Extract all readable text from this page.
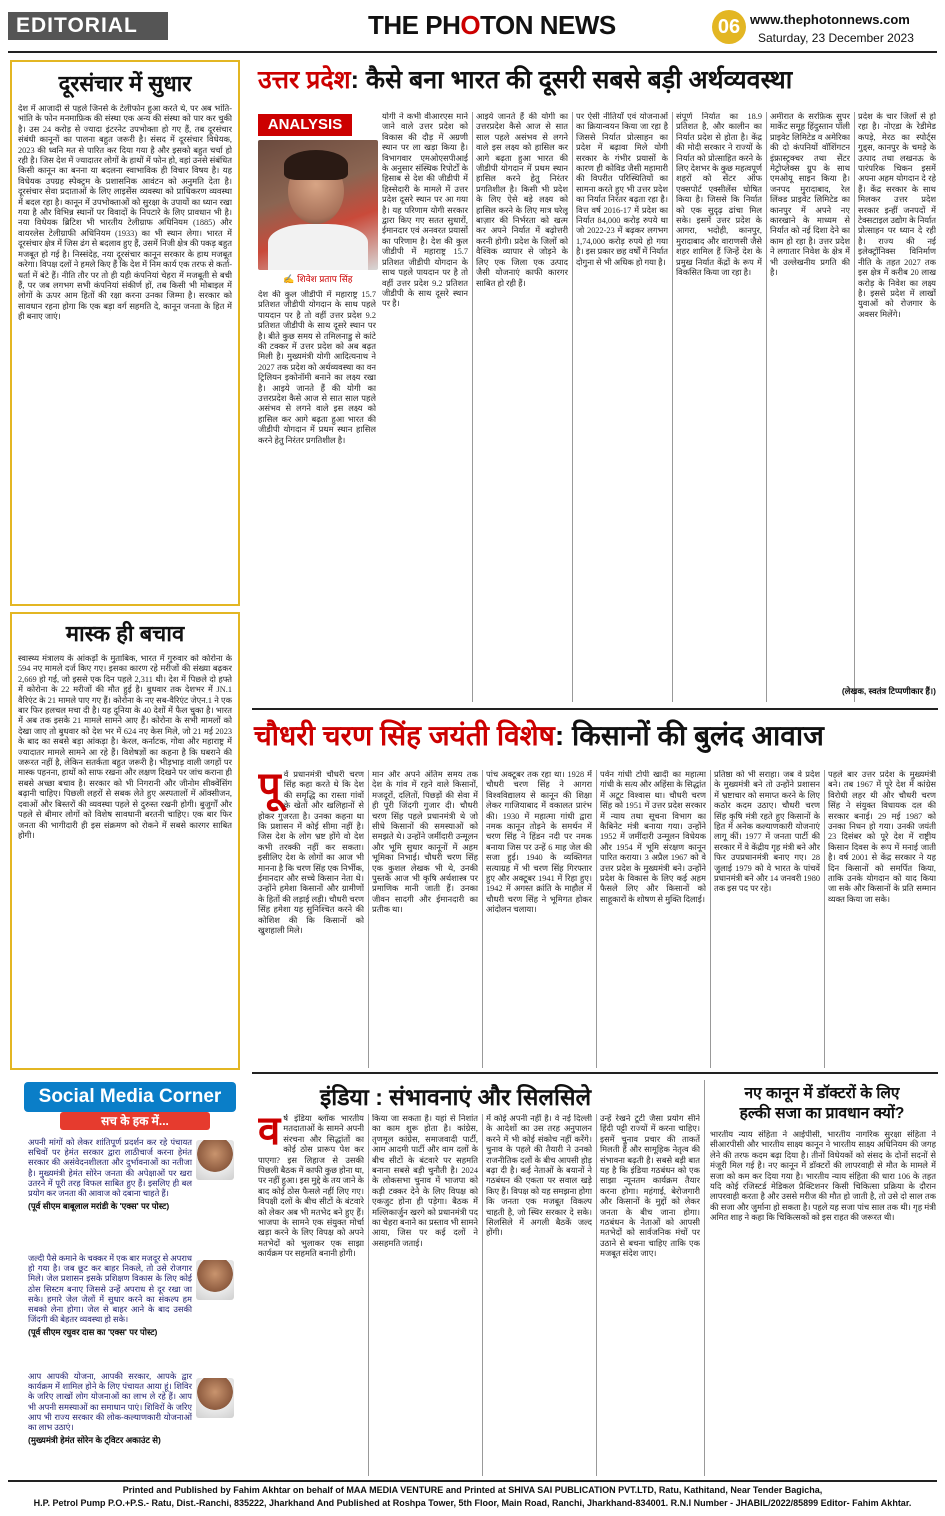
EDITORIAL	THE PHOTON NEWS	06 www.thephotonnews.com
Saturday, 23 December 2023
दूरसंचार में सुधार
देश में आजादी से पहले जिनसे के टेलीफोन हुआ करते थे, पर अब भांति-भांति के फोन मनमाफ़िक की संस्था एक अन्य की संस्था को पार कर चुकी है। उस 24 करोड़ से ज्यादा इंटरनेट उपभोक्ता हो गए हैं, तब दूरसंचार संबंधी कानूनों का पालना बहुत जरूरी है। संसद में दूरसंचार विधेयक, 2023 की ध्वनि मत से पारित कर दिया गया है और इसको बहुत चर्चा हो रही है। जिस देश में ज्यादातर लोगों के हाथों में फोन हो, वहां उनसे संबंधित किसी कानून का बनना या बदलना स्वाभाविक ही विचार विषय है। यह विधेयक उपग्रह स्पेक्ट्रम के प्रशासनिक आवंटन को अनुमति देता है। दूरसंचार सेवा प्रदाताओं के लिए लाइसेंस व्यवस्था को प्राधिकरण व्यवस्था में बदल रहा है। कानून में उपभोक्ताओं को सुरक्षा के उपायों का ध्यान रखा गया है और विभिन्न स्थानों पर विवादों के निपटारे के लिए प्रावधान भी है। नया विधेयक ब्रिटिश भी भारतीय टेलीग्राफ अधिनियम (1885) और वायरलेस टेलीग्राफी अधिनियम (1933) का भी स्थान लेगा। भारत में दूरसंचार क्षेत्र में जिस ढंग से बदलाव हुए हैं, उसमें निजी क्षेत्र की पकड़ बहुत मजबूत हो गई है। निस्संदेह, नया दूरसंचार कानून सरकार के हाथ मजबूत करेगा। विपक्ष दलों ने हमले किए हैं कि देश में निम कार्य एक तरफ से कर्ता-धर्ता में बंटे हैं। नीति तौर पर तो ही यही कंपनियां चेहरा में मजबूती से बची हैं, पर जब लगभग सभी कंपनियां संकीर्ण हों, तब किसी भी मोबाइल में लोगों के ऊपर आम हितों की रक्षा करना उनका जिम्मा है। सरकार को सावधान रहना होगा कि एक बड़ा वर्ग सहमति दे, कानून जनता के हित में ही बनाए जाएं।
मास्क ही बचाव
स्वास्थ्य मंत्रालय के आंकड़ों के मुताबिक, भारत में गुरुवार को कोरोना के 594 नए मामले दर्ज किए गए। इसका कारण रहे मरीजों की संख्या बढ़कर 2,669 हो गई, जो इससे एक दिन पहले 2,311 थी। देश में पिछले दो हफ्ते में कोरोना के 22 मरीजों की मौत हुई है। बुधवार तक देशभर में JN.1 वैरिएंट के 21 मामले पाए गए हैं। कोरोना के नए सब-वैरिएंट जेएन.1 ने एक बार फिर हलचल मचा दी है। यह दुनिया के 40 देशों में फैल चुका है। भारत में अब तक इसके 21 मामले सामने आए हैं। कोरोना के सभी मामलों को देखा जाए तो बुधवार को देश भर में 624 नए केस मिले, जो 21 मई 2023 के बाद का सबसे बड़ा आंकड़ा है। केरल, कर्नाटक, गोवा और महाराष्ट्र में ज्यादातर मामले सामने आ रहे हैं। विशेषज्ञों का कहना है कि घबराने की जरूरत नहीं है, लेकिन सतर्कता बहुत जरूरी है। भीड़भाड़ वाली जगहों पर मास्क पहनना, हाथों को साफ रखना और लक्षण दिखने पर जांच कराना ही सबसे अच्छा बचाव है। सरकार को भी निगरानी और जीनोम सीक्वेंसिंग बढ़ानी चाहिए। पिछली लहरों से सबक लेते हुए अस्पतालों में ऑक्सीजन, दवाओं और बिस्तरों की व्यवस्था पहले से दुरुस्त रखनी होगी। बुजुर्गों और पहले से बीमार लोगों को विशेष सावधानी बरतनी चाहिए। एक बार फिर जनता की भागीदारी ही इस संक्रमण को रोकने में सबसे कारगर साबित होगी।
उत्तर प्रदेश: कैसे बना भारत की दूसरी सबसे बड़ी अर्थव्यवस्था
ANALYSIS
✍ शिवेश प्रताप सिंह
योगी ने कभी वीआरएस माने जाने वाले उत्तर प्रदेश को विकास की दौड़ में अग्रणी स्थान पर ला खड़ा किया है। विभागवार एमओएसपीआई के अनुसार संस्थिक रिपोर्टों के हिसाब से देश की जीडीपी में हिस्सेदारी के मामले में उत्तर प्रदेश दूसरे स्थान पर आ गया है। यह परिणाम योगी सरकार द्वारा किए गए सतत सुधारों, ईमानदार एवं अनवरत प्रयासों का परिणाम है। देश की कुल जीडीपी में महाराष्ट्र 15.7 प्रतिशत जीडीपी योगदान के साथ पहले पायदान पर है तो वहीं उत्तर प्रदेश 9.2 प्रतिशत जीडीपी के साथ दूसरे स्थान पर है।
देश की कुल जीडीपी में महाराष्ट्र 15.7 प्रतिशत जीडीपी योगदान के साथ पहले पायदान पर है तो वहीं उत्तर प्रदेश 9.2 प्रतिशत जीडीपी के साथ दूसरे स्थान पर है। बीते कुछ समय से तमिलनाडु से कांटे की टक्कर में उत्तर प्रदेश को अब बढ़त मिली है। मुख्यमंत्री योगी आदित्यनाथ ने 2027 तक प्रदेश को अर्थव्यवस्था का वन ट्रिलियन इकोनॉमी बनाने का लक्ष्य रखा है। आइये जानते हैं की योगी का उत्तरप्रदेश कैसे आज से सात साल पहले असंभव से लगने वाले इस लक्ष्य को हासिल कर आगे बढ़ता हुआ भारत की जीडीपी योगदान में प्रथम स्थान हासिल करने हेतु निरंतर प्रगतिशील है।
आइये जानते हैं की योगी का उत्तरप्रदेश कैसे आज से सात साल पहले असंभव से लगने वाले इस लक्ष्य को हासिल कर आगे बढ़ता हुआ भारत की जीडीपी योगदान में प्रथम स्थान हासिल करने हेतु निरंतर प्रगतिशील है। किसी भी प्रदेश के लिए ऐसे बड़े लक्ष्य को हासिल करने के लिए मात्र घरेलू बाज़ार की निर्भरता को खत्म कर अपने निर्यात में बढ़ोत्तरी करनी होगी। प्रदेश के जिलों को वैश्विक व्यापार से जोड़ने के लिए एक जिला एक उत्पाद जैसी योजनाएं काफी कारगर साबित हो रही हैं।
पर ऐसी नीतियाँ एवं योजनाओं का क्रियान्वयन किया जा रहा है जिससे निर्यात प्रोत्साहन का प्रदेश में बढ़ावा मिले योगी सरकार के गंभीर प्रयासों के कारण ही कोविड जैसी महामारी की विपरीत परिस्थितियों का सामना करते हुए भी उत्तर प्रदेश का निर्यात निरंतर बढ़ता रहा है। वित्त वर्ष 2016-17 में प्रदेश का निर्यात 84,000 करोड़ रुपये था जो 2022-23 में बढ़कर लगभग 1,74,000 करोड़ रुपये हो गया है। इस प्रकार छह वर्षों में निर्यात दोगुना से भी अधिक हो गया है।
संपूर्ण निर्यात का 18.9 प्रतिशत है, और कालीन का निर्यात प्रदेश से होता है। केंद्र की मोदी सरकार ने राज्यों के निर्यात को प्रोत्साहित करने के लिए देशभर के कुछ महत्वपूर्ण शहरों को सेंटर ऑफ एक्सपोर्ट एक्सीलेंस घोषित किया है। जिससे कि निर्यात को एक सुदृढ़ ढांचा मिल सके। इसमें उत्तर प्रदेश के आगरा, भदोही, कानपुर, मुरादाबाद और वाराणसी जैसे शहर शामिल हैं जिन्हें देश के प्रमुख निर्यात केंद्रों के रूप में विकसित किया जा रहा है।
अमीरात के सरफ़िक सुपर मार्केट समूह हिंदुस्तान पॉली प्राइवेट लिमिटेड व अमेरिका की दो कंपनियों वॉशिंगटन इंफ्रास्ट्रक्चर तथा सेंटर मेट्रोप्लेक्स ग्रुप के साथ एमओयू साइन किया है। जनपद मुरादाबाद, रेल लिंक्ड प्राइवेट लिमिटेड का कानपुर में अपने नए कारखाने के माध्यम से निर्यात को नई दिशा देने का काम हो रहा है। उत्तर प्रदेश ने लगातार निवेश के क्षेत्र में भी उल्लेखनीय प्रगति की है।
प्रदेश के चार जिलों से हो रहा है। नोएडा के रेडीमेड कपड़े, मेरठ का स्पोर्ट्स गुड्स, कानपुर के चमड़े के उत्पाद तथा लखनऊ के पारंपरिक चिकन इसमें अपना अहम योगदान दे रहे हैं। केंद्र सरकार के साथ मिलकर उत्तर प्रदेश सरकार इन्हीं जनपदों में टेक्सटाइल उद्योग के निर्यात प्रोत्साहन पर ध्यान दे रही है। राज्य की नई इलेक्ट्रॉनिक्स विनिर्माण नीति के तहत 2027 तक इस क्षेत्र में करीब 20 लाख करोड़ के निवेश का लक्ष्य है। इससे प्रदेश में लाखों युवाओं को रोजगार के अवसर मिलेंगे।
(लेखक, स्वतंत्र टिप्पणीकार हैं।)
चौधरी चरण सिंह जयंती विशेष: किसानों की बुलंद आवाज
पूर्व प्रधानमंत्री चौधरी चरण सिंह कहा करते थे कि देश की समृद्धि का रास्ता गांवों के खेतों और खलिहानों से होकर गुजरता है। उनका कहना था कि प्रशासन में कोई सीमा नहीं है। जिस देश के लोग भ्रष्ट होंगे वो देश कभी तरक्की नहीं कर सकता। इसीलिए देश के लोगों का आज भी मानना है कि चरण सिंह एक निर्भीक, ईमानदार और सच्चे किसान नेता थे। उन्होंने हमेशा किसानों और ग्रामीणों के हितों की लड़ाई लड़ी। चौधरी चरण सिंह हमेशा यह सुनिश्चित करने की कोशिश की कि किसानों को खुशहाली मिले।
मान और अपने अंतिम समय तक देश के गांव में रहने वाले किसानों, मजदूरों, दलितों, पिछड़ों की सेवा में ही पूरी जिंदगी गुजार दी। चौधरी चरण सिंह पहले प्रधानमंत्री थे जो सीधे किसानों की समस्याओं को समझते थे। उन्होंने जमींदारी उन्मूलन और भूमि सुधार कानूनों में अहम भूमिका निभाई। चौधरी चरण सिंह एक कुशल लेखक भी थे, उनकी पुस्तकें आज भी कृषि अर्थशास्त्र पर प्रमाणिक मानी जाती हैं। उनका जीवन सादगी और ईमानदारी का प्रतीक था।
पांच अक्टूबर तक रहा था। 1928 में चौधरी चरण सिंह ने आगरा विश्वविद्यालय से कानून की शिक्षा लेकर गाजियाबाद में वकालत प्रारंभ की। 1930 में महात्मा गांधी द्वारा नमक कानून तोड़ने के समर्थन में चरण सिंह ने हिंडन नदी पर नमक बनाया जिस पर उन्हें 6 माह जेल की सजा हुई। 1940 के व्यक्तिगत सत्याग्रह में भी चरण सिंह गिरफ्तार हुए और अक्टूबर 1941 में रिहा हुए। 1942 में अगस्त क्रांति के माहौल में चौधरी चरण सिंह ने भूमिगत होकर आंदोलन चलाया।
पर्वन गांधी टोपी खादी का महात्मा गांधी के सत्य और अहिंसा के सिद्धांत में अटूट विश्वास था। चौधरी चरण सिंह को 1951 में उत्तर प्रदेश सरकार में न्याय तथा सूचना विभाग का कैबिनेट मंत्री बनाया गया। उन्होंने 1952 में जमींदारी उन्मूलन विधेयक और 1954 में भूमि संरक्षण कानून पारित कराया। 3 अप्रैल 1967 को वे उत्तर प्रदेश के मुख्यमंत्री बने। उन्होंने प्रदेश के विकास के लिए कई अहम फैसले लिए और किसानों को साहूकारों के शोषण से मुक्ति दिलाई।
प्रतिष्ठा को भी सराहा। जब वे प्रदेश के मुख्यमंत्री बने तो उन्होंने प्रशासन में भ्रष्टाचार को समाप्त करने के लिए कठोर कदम उठाए। चौधरी चरण सिंह कृषि मंत्री रहते हुए किसानों के हित में अनेक कल्याणकारी योजनाएं लागू कीं। 1977 में जनता पार्टी की सरकार में वे केंद्रीय गृह मंत्री बने और फिर उपप्रधानमंत्री बनाए गए। 28 जुलाई 1979 को वे भारत के पांचवें प्रधानमंत्री बने और 14 जनवरी 1980 तक इस पद पर रहे।
पहले बार उत्तर प्रदेश के मुख्यमंत्री बने। तब 1967 में पूरे देश में कांग्रेस विरोधी लहर थी और चौधरी चरण सिंह ने संयुक्त विधायक दल की सरकार बनाई। 29 मई 1987 को उनका निधन हो गया। उनकी जयंती 23 दिसंबर को पूरे देश में राष्ट्रीय किसान दिवस के रूप में मनाई जाती है। वर्ष 2001 से केंद्र सरकार ने यह दिन किसानों को समर्पित किया, ताकि उनके योगदान को याद किया जा सके और किसानों के प्रति सम्मान व्यक्त किया जा सके।
इंडिया : संभावनाएं और सिलसिले
वर्ष इंडिया ब्लॉक भारतीय मतदाताओं के सामने अपनी संरचना और सिद्धांतों का कोई ठोस प्रारूप पेश कर पाएगा? इस लिहाज से उसकी पिछली बैठक में काफी कुछ होना था, पर नहीं हुआ। इस मुद्दे के तय जाने के बाद कोई ठोस फैसले नहीं लिए गए। विपक्षी दलों के बीच सीटों के बंटवारे को लेकर अब भी मतभेद बने हुए हैं। भाजपा के सामने एक संयुक्त मोर्चा खड़ा करने के लिए विपक्ष को अपने मतभेदों को भुलाकर एक साझा कार्यक्रम पर सहमति बनानी होगी।
किया जा सकता है। यहां से निशांत का काम शुरू होता है। कांग्रेस, तृणमूल कांग्रेस, समाजवादी पार्टी, आम आदमी पार्टी और वाम दलों के बीच सीटों के बंटवारे पर सहमति बनाना सबसे बड़ी चुनौती है। 2024 के लोकसभा चुनाव में भाजपा को कड़ी टक्कर देने के लिए विपक्ष को एकजुट होना ही पड़ेगा। बैठक में मल्लिकार्जुन खरगे को प्रधानमंत्री पद का चेहरा बनाने का प्रस्ताव भी सामने आया, जिस पर कई दलों ने असहमति जताई।
में कोई अपनी नहीं है। वे नई दिल्ली के आदेशों का उस तरह अनुपालन करने में भी कोई संकोच नहीं करेंगे। चुनाव के पहले की तैयारी ने उनको राजनीतिक दलों के बीच आपसी होड़ बढ़ा दी है। कई नेताओं के बयानों ने गठबंधन की एकता पर सवाल खड़े किए हैं। विपक्ष को यह समझना होगा कि जनता एक मजबूत विकल्प चाहती है, जो स्थिर सरकार दे सके। सिलसिले में अगली बैठकें जल्द होंगी।
उन्हें रेखने टूटी जैसा प्रयोग सीने हिंदी पट्टी राज्यों में करना चाहिए। इसमें चुनाव प्रचार की ताकतें मिलती हैं और सामूहिक नेतृत्व की संभावना बढ़ती है। सबसे बड़ी बात यह है कि इंडिया गठबंधन को एक साझा न्यूनतम कार्यक्रम तैयार करना होगा। महंगाई, बेरोजगारी और किसानों के मुद्दों को लेकर जनता के बीच जाना होगा। गठबंधन के नेताओं को आपसी मतभेदों को सार्वजनिक मंचों पर उठाने से बचना चाहिए ताकि एक मजबूत संदेश जाए।
नए कानून में डॉक्टरों के लिए
हल्की सजा का प्रावधान क्यों?
भारतीय न्याय संहिता ने आईपीसी, भारतीय नागरिक सुरक्षा संहिता ने सीआरपीसी और भारतीय साक्ष्य कानून ने भारतीय साक्ष्य अधिनियम की जगह लेने की तरफ कदम बढ़ा दिया है। तीनों विधेयकों को संसद के दोनों सदनों से मंजूरी मिल गई है। नए कानून में डॉक्टरों की लापरवाही से मौत के मामले में सजा को कम कर दिया गया है। भारतीय न्याय संहिता की धारा 106 के तहत यदि कोई रजिस्टर्ड मेडिकल प्रैक्टिशनर किसी चिकित्सा प्रक्रिया के दौरान लापरवाही करता है और उससे मरीज की मौत हो जाती है, तो उसे दो साल तक की सजा और जुर्माना हो सकता है। पहले यह सजा पांच साल तक थी। गृह मंत्री अमित शाह ने कहा कि चिकित्सकों को इस राहत की जरूरत थी।
Social Media Corner
सच के हक में...
अपनी मांगों को लेकर शांतिपूर्ण प्रदर्शन कर रहे पंचायत सचिवों पर हेमंत सरकार द्वारा लाठीचार्ज करना हेमंत सरकार की असंवेदनशीलता और दुर्भावनाओं का नतीजा है। मुख्यमंत्री हेमंत सोरेन जनता की अपेक्षाओं पर खरा उतरने में पूरी तरह विफल साबित हुए हैं। इसलिए ही बल प्रयोग कर जनता की आवाज को दबाना चाहते हैं।
(पूर्व सीएम बाबूलाल मरांडी के 'एक्स' पर पोस्ट)
जल्दी पैसे कमाने के चक्कर में एक बार मजदूर से अपराध हो गया है। जब छूट कर बाहर निकले, तो उसे रोजगार मिले। जेल प्रशासन इसके प्रशिक्षण विकास के लिए कोई ठोस सिस्टम बनाए जिससे उन्हें अपराध से दूर रखा जा सके। हमारे जेल जेलों में सुधार करने का संकल्प हम सबको लेना होगा। जेल से बाहर आने के बाद उसकी जिंदगी की बेहतर व्यवस्था हो सके।
(पूर्व सीएम रघुवर दास का 'एक्स' पर पोस्ट)
आप आपकी योजना, आपकी सरकार, आपके द्वार कार्यक्रम में शामिल होने के लिए पंचायत आया हूं। शिविर के जरिए लाखों लोग योजनाओं का लाभ ले रहे हैं। आप भी अपनी समस्याओं का समाधान पाएं। शिविरों के जरिए आप भी राज्य सरकार की लोक-कल्याणकारी योजनाओं का लाभ उठाएं।
(मुख्यमंत्री हेमंत सोरेन के ट्विटर अकाउंट से)
Printed and Published by Fahim Akhtar on behalf of MAA MEDIA VENTURE and Printed at SHIVA SAI PUBLICATION PVT.LTD, Ratu, Kathitand, Near Tender Bagicha,
H.P. Petrol Pump P.O.+P.S.- Ratu, Dist.-Ranchi, 835222, Jharkhand And Published at Roshpa Tower, 5th Floor, Main Road, Ranchi, Jharkhand-834001. R.N.I Number - JHABIL/2022/85899 Editor- Fahim Akhtar.
